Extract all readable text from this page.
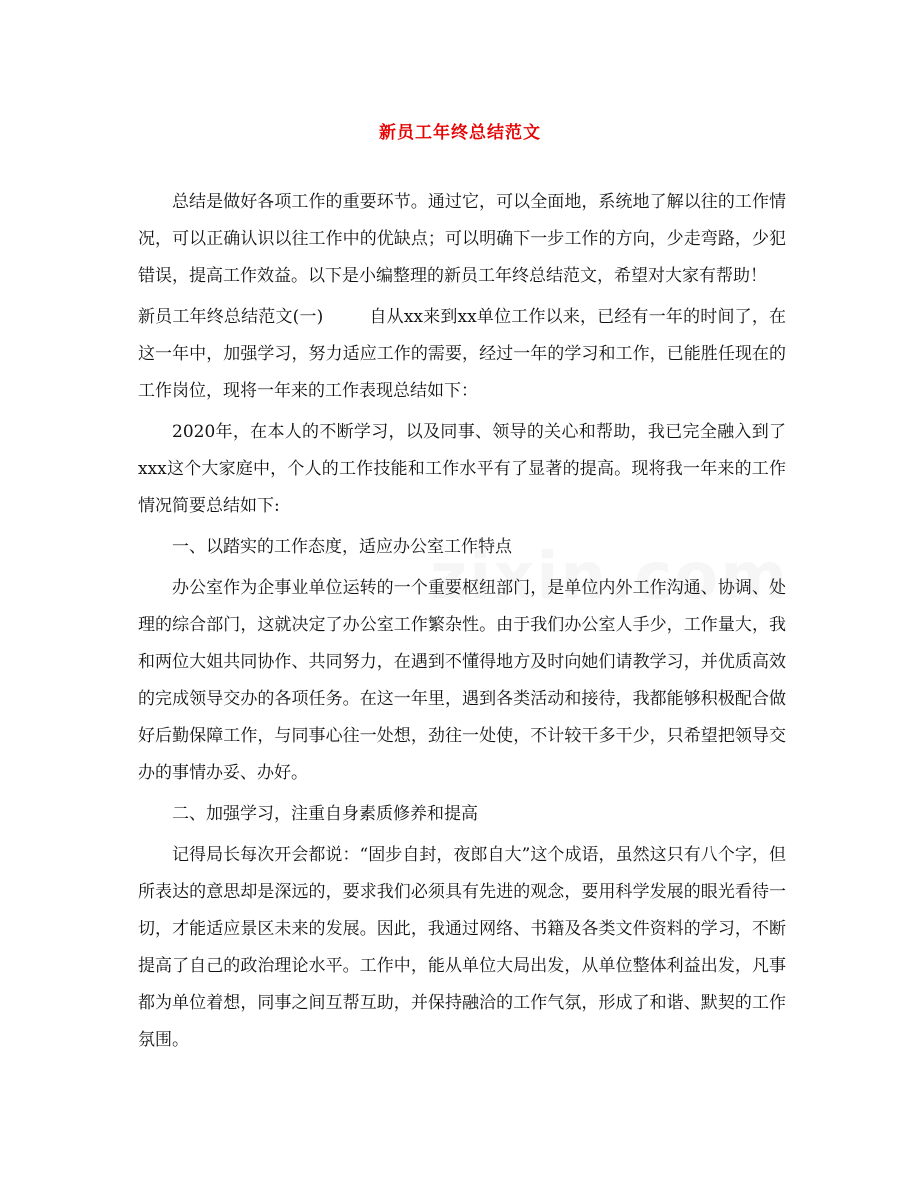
新员工年终总结范文

总结是做好各项工作的重要环节。通过它，可以全面地，系统地了解以往的工作情况，可以正确认识以往工作中的优缺点；可以明确下一步工作的方向，少走弯路，少犯错误，提高工作效益。以下是小编整理的新员工年终总结范文，希望对大家有帮助！

新员工年终总结范文(一)	自从xx来到xx单位工作以来，已经有一年的时间了，在这一年中，加强学习，努力适应工作的需要，经过一年的学习和工作，已能胜任现在的工作岗位，现将一年来的工作表现总结如下：

2020年，在本人的不断学习，以及同事、领导的关心和帮助，我已完全融入到了xxx这个大家庭中，个人的工作技能和工作水平有了显著的提高。现将我一年来的工作情况简要总结如下:

一、以踏实的工作态度，适应办公室工作特点

办公室作为企事业单位运转的一个重要枢纽部门，是单位内外工作沟通、协调、处理的综合部门，这就决定了办公室工作繁杂性。由于我们办公室人手少，工作量大，我和两位大姐共同协作、共同努力，在遇到不懂得地方及时向她们请教学习，并优质高效的完成领导交办的各项任务。在这一年里，遇到各类活动和接待，我都能够积极配合做好后勤保障工作，与同事心往一处想，劲往一处使，不计较干多干少，只希望把领导交办的事情办妥、办好。

二、加强学习，注重自身素质修养和提高

记得局长每次开会都说：“固步自封，夜郎自大”这个成语，虽然这只有八个字，但所表达的意思却是深远的，要求我们必须具有先进的观念，要用科学发展的眼光看待一切，才能适应景区未来的发展。因此，我通过网络、书籍及各类文件资料的学习，不断提高了自己的政治理论水平。工作中，能从单位大局出发，从单位整体利益出发，凡事都为单位着想，同事之间互帮互助，并保持融洽的工作气氛，形成了和谐、默契的工作氛围。
